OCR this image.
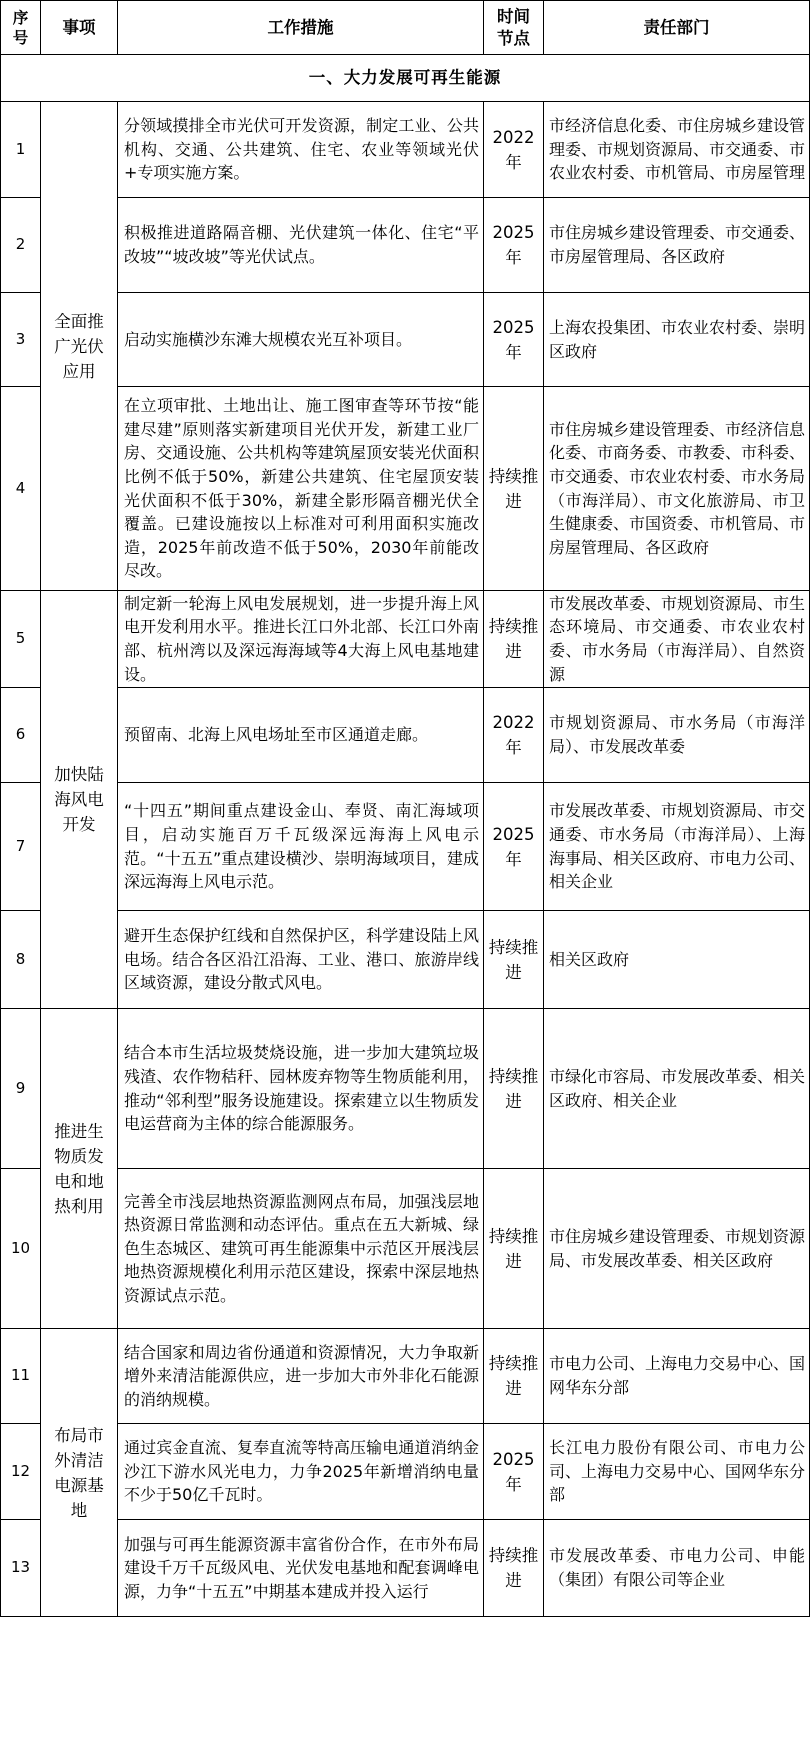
序号	事项	工作措施	时间节点	责任部门
一、大力发展可再生能源				
1	全面推广光伏应用	分领域摸排全市光伏可开发资源，制定工业、公共机构、交通、公共建筑、住宅、农业等领域光伏+专项实施方案。	2022年	市经济信息化委、市住房城乡建设管理委、市规划资源局、市交通委、市农业农村委、市机管局、市房屋管理
2		积极推进道路隔音棚、光伏建筑一体化、住宅“平改坡”“坡改坡”等光伏试点。	2025年	市住房城乡建设管理委、市交通委、市房屋管理局、各区政府
3		启动实施横沙东滩大规模农光互补项目。	2025年	上海农投集团、市农业农村委、崇明区政府
4		在立项审批、土地出让、施工图审查等环节按“能建尽建”原则落实新建项目光伏开发，新建工业厂房、交通设施、公共机构等建筑屋顶安装光伏面积比例不低于50%，新建公共建筑、住宅屋顶安装光伏面积不低于30%，新建全影形隔音棚光伏全覆盖。已建设施按以上标准对可利用面积实施改造，2025年前改造不低于50%，2030年前能改尽改。	持续推进	市住房城乡建设管理委、市经济信息化委、市商务委、市教委、市科委、市交通委、市农业农村委、市水务局（市海洋局）、市文化旅游局、市卫生健康委、市国资委、市机管局、市房屋管理局、各区政府
5	加快陆海风电开发	制定新一轮海上风电发展规划，进一步提升海上风电开发利用水平。推进长江口外北部、长江口外南部、杭州湾以及深远海海域等4大海上风电基地建设。	持续推进	市发展改革委、市规划资源局、市生态环境局、市交通委、市农业农村委、市水务局（市海洋局）、自然资源
6		预留南、北海上风电场址至市区通道走廊。	2022年	市规划资源局、市水务局（市海洋局）、市发展改革委
7		“十四五”期间重点建设金山、奉贤、南汇海域项目，启动实施百万千瓦级深远海海上风电示范。“十五五”重点建设横沙、崇明海域项目，建成深远海海上风电示范。	2025年	市发展改革委、市规划资源局、市交通委、市水务局（市海洋局）、上海海事局、相关区政府、市电力公司、相关企业
8		避开生态保护红线和自然保护区，科学建设陆上风电场。结合各区沿江沿海、工业、港口、旅游岸线区域资源，建设分散式风电。	持续推进	相关区政府
9	推进生物质发电和地热利用	结合本市生活垃圾焚烧设施，进一步加大建筑垃圾残渣、农作物秸秆、园林废弃物等生物质能利用，推动“邻利型”服务设施建设。探索建立以生物质发电运营商为主体的综合能源服务。	持续推进	市绿化市容局、市发展改革委、相关区政府、相关企业
10		完善全市浅层地热资源监测网点布局，加强浅层地热资源日常监测和动态评估。重点在五大新城、绿色生态城区、建筑可再生能源集中示范区开展浅层地热资源规模化利用示范区建设，探索中深层地热资源试点示范。	持续推进	市住房城乡建设管理委、市规划资源局、市发展改革委、相关区政府
11	布局市外清洁电源基地	结合国家和周边省份通道和资源情况，大力争取新增外来清洁能源供应，进一步加大市外非化石能源的消纳规模。	持续推进	市电力公司、上海电力交易中心、国网华东分部
12		通过宾金直流、复奉直流等特高压输电通道消纳金沙江下游水风光电力，力争2025年新增消纳电量不少于50亿千瓦时。	2025年	长江电力股份有限公司、市电力公司、上海电力交易中心、国网华东分部
13		加强与可再生能源资源丰富省份合作，在市外布局建设千万千瓦级风电、光伏发电基地和配套调峰电源，力争“十五五”中期基本建成并投入运行	持续推进	市发展改革委、市电力公司、申能（集团）有限公司等企业
